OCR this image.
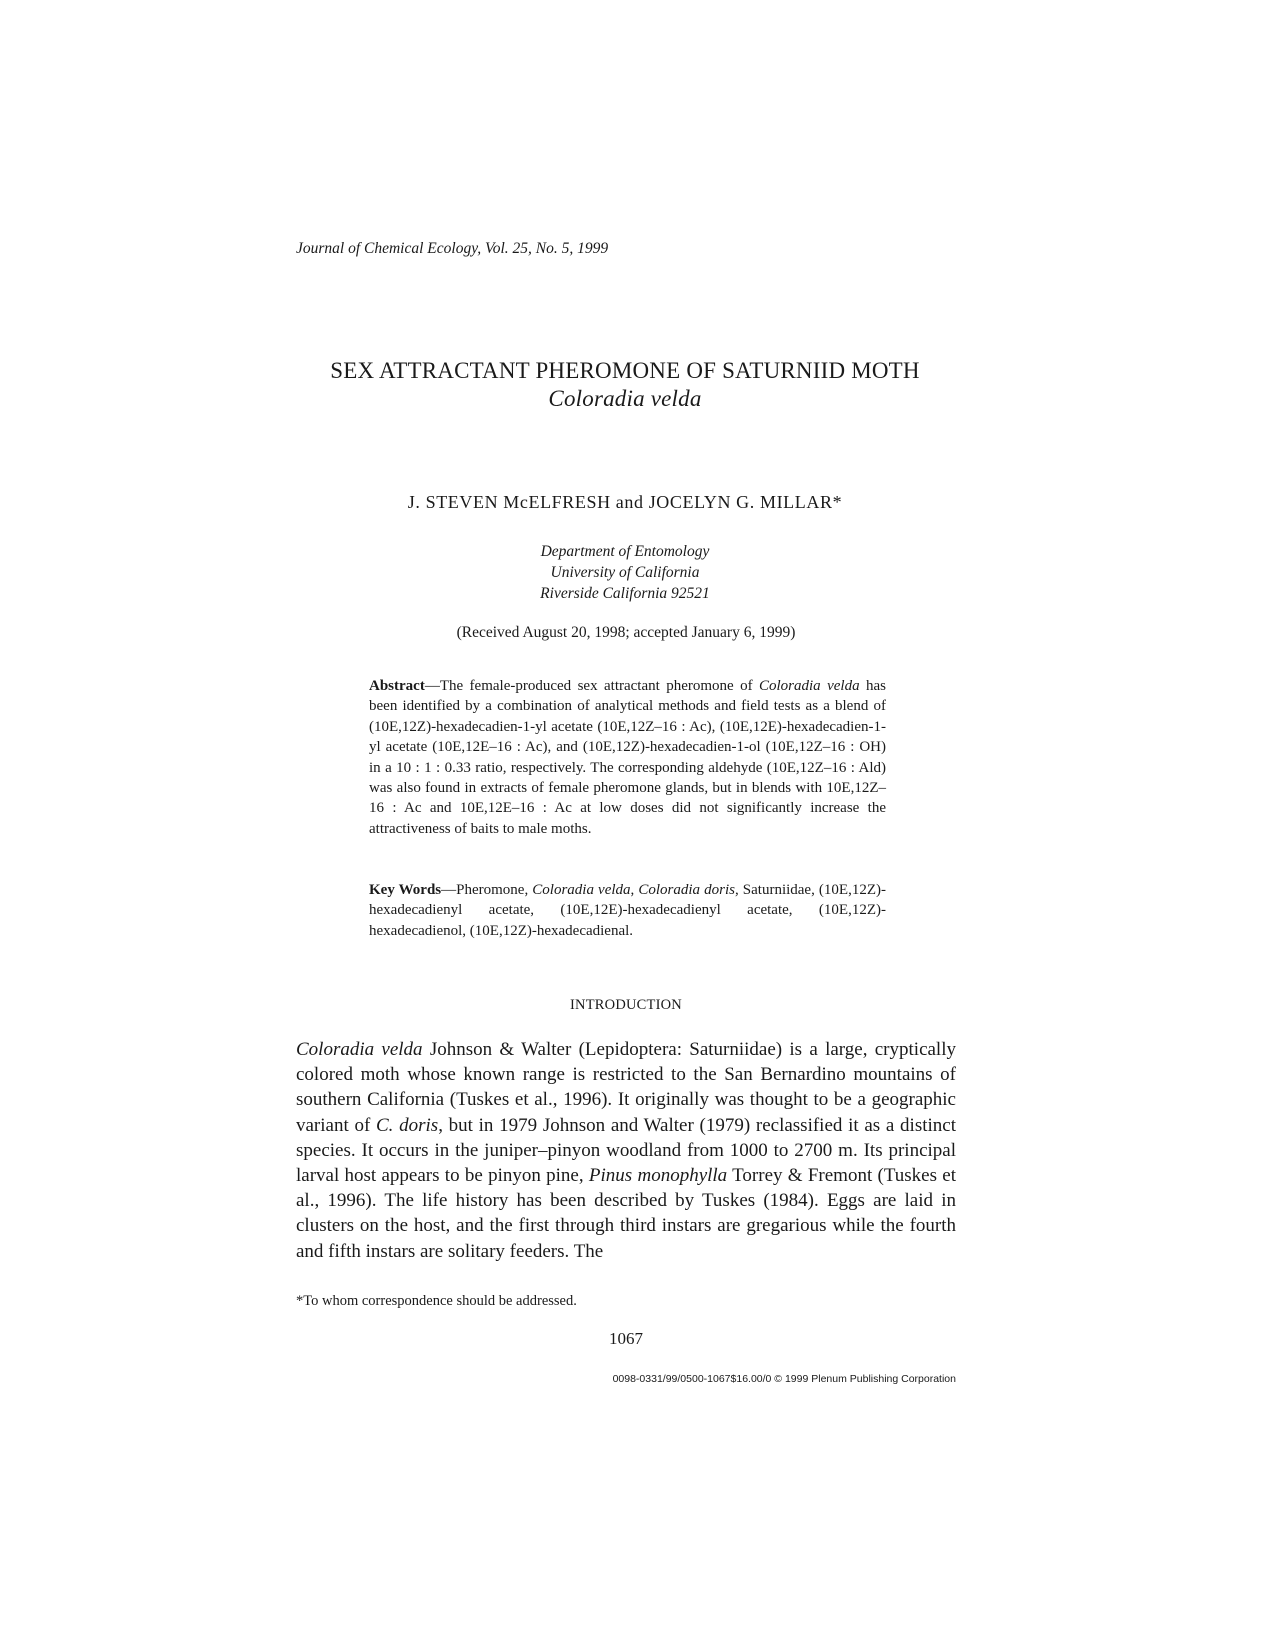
Journal of Chemical Ecology, Vol. 25, No. 5, 1999
SEX ATTRACTANT PHEROMONE OF SATURNIID MOTH
Coloradia velda
J. STEVEN McELFRESH and JOCELYN G. MILLAR*
Department of Entomology
University of California
Riverside California 92521
(Received August 20, 1998; accepted January 6, 1999)
Abstract—The female-produced sex attractant pheromone of Coloradia velda has been identified by a combination of analytical methods and field tests as a blend of (10E,12Z)-hexadecadien-1-yl acetate (10E,12Z–16 : Ac), (10E,12E)-hexadecadien-1-yl acetate (10E,12E–16 : Ac), and (10E,12Z)-hexadecadien-1-ol (10E,12Z–16 : OH) in a 10 : 1 : 0.33 ratio, respectively. The corresponding aldehyde (10E,12Z–16 : Ald) was also found in extracts of female pheromone glands, but in blends with 10E,12Z–16 : Ac and 10E,12E–16 : Ac at low doses did not significantly increase the attractiveness of baits to male moths.
Key Words—Pheromone, Coloradia velda, Coloradia doris, Saturniidae, (10E,12Z)-hexadecadienyl acetate, (10E,12E)-hexadecadienyl acetate, (10E,12Z)-hexadecadienol, (10E,12Z)-hexadecadienal.
INTRODUCTION
Coloradia velda Johnson & Walter (Lepidoptera: Saturniidae) is a large, cryptically colored moth whose known range is restricted to the San Bernardino mountains of southern California (Tuskes et al., 1996). It originally was thought to be a geographic variant of C. doris, but in 1979 Johnson and Walter (1979) reclassified it as a distinct species. It occurs in the juniper–pinyon woodland from 1000 to 2700 m. Its principal larval host appears to be pinyon pine, Pinus monophylla Torrey & Fremont (Tuskes et al., 1996). The life history has been described by Tuskes (1984). Eggs are laid in clusters on the host, and the first through third instars are gregarious while the fourth and fifth instars are solitary feeders. The
*To whom correspondence should be addressed.
1067
0098-0331/99/0500-1067$16.00/0 © 1999 Plenum Publishing Corporation
